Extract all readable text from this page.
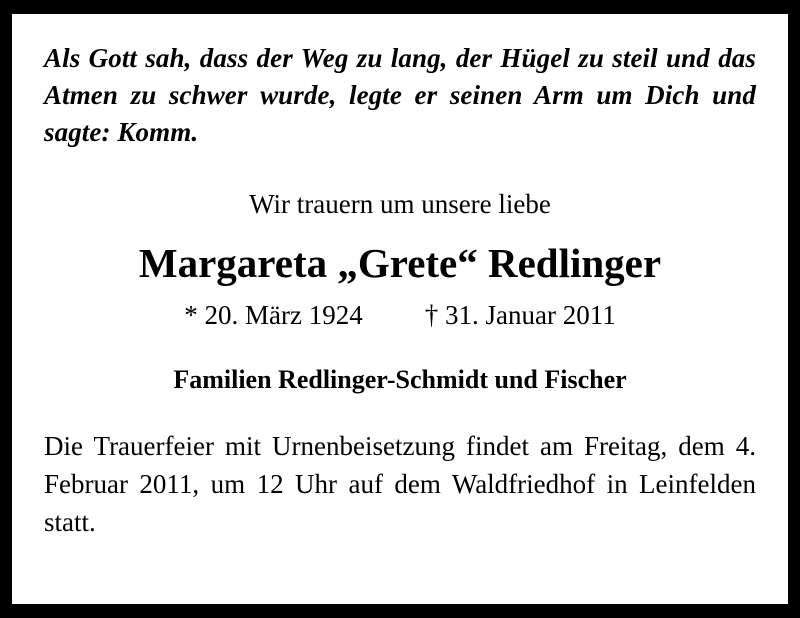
Als Gott sah, dass der Weg zu lang, der Hügel zu steil und das Atmen zu schwer wurde, legte er seinen Arm um Dich und sagte: Komm.

Wir trauern um unsere liebe

Margareta „Grete“ Redlinger
* 20. März 1924 † 31. Januar 2011

Familien Redlinger-Schmidt und Fischer

Die Trauerfeier mit Urnenbeisetzung findet am Freitag, dem 4. Februar 2011, um 12 Uhr auf dem Waldfriedhof in Leinfelden statt.
